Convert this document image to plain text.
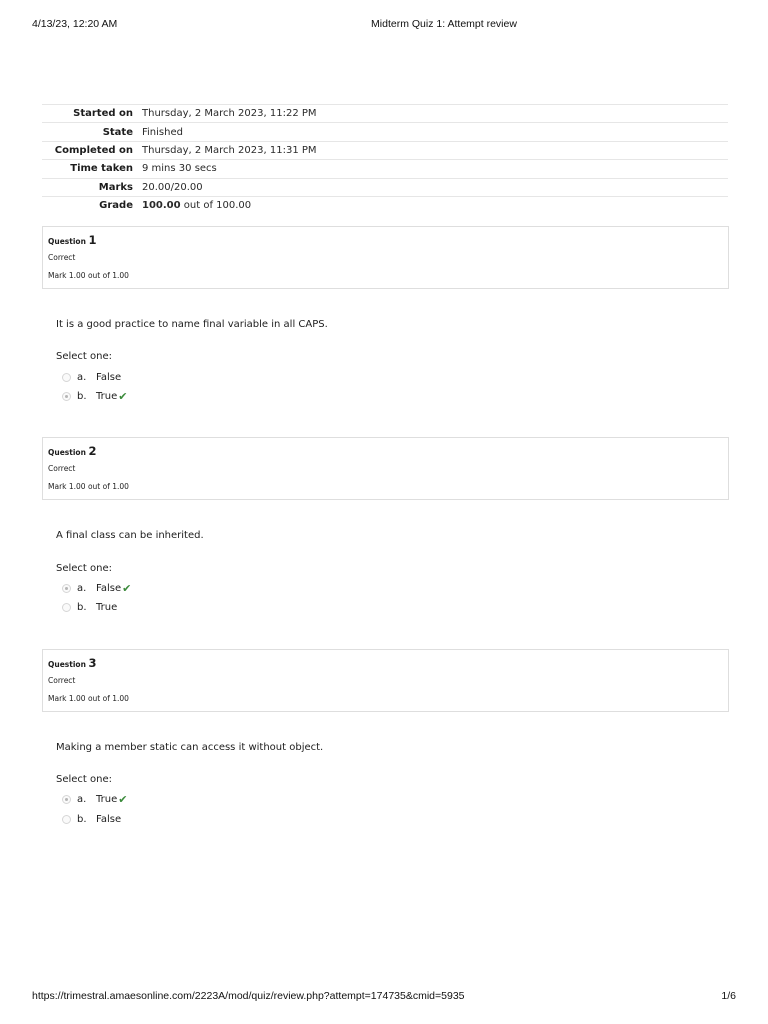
4/13/23, 12:20 AM	Midterm Quiz 1: Attempt review
Started on	Thursday, 2 March 2023, 11:22 PM
State	Finished
Completed on	Thursday, 2 March 2023, 11:31 PM
Time taken	9 mins 30 secs
Marks	20.00/20.00
Grade	100.00 out of 100.00
Question 1
Correct
Mark 1.00 out of 1.00
It is a good practice to name final variable in all CAPS.
Select one:
a. False
b. True ✔
Question 2
Correct
Mark 1.00 out of 1.00
A final class can be inherited.
Select one:
a. False ✔
b. True
Question 3
Correct
Mark 1.00 out of 1.00
Making a member static can access it without object.
Select one:
a. True ✔
b. False
https://trimestral.amaesonline.com/2223A/mod/quiz/review.php?attempt=174735&cmid=5935	1/6
